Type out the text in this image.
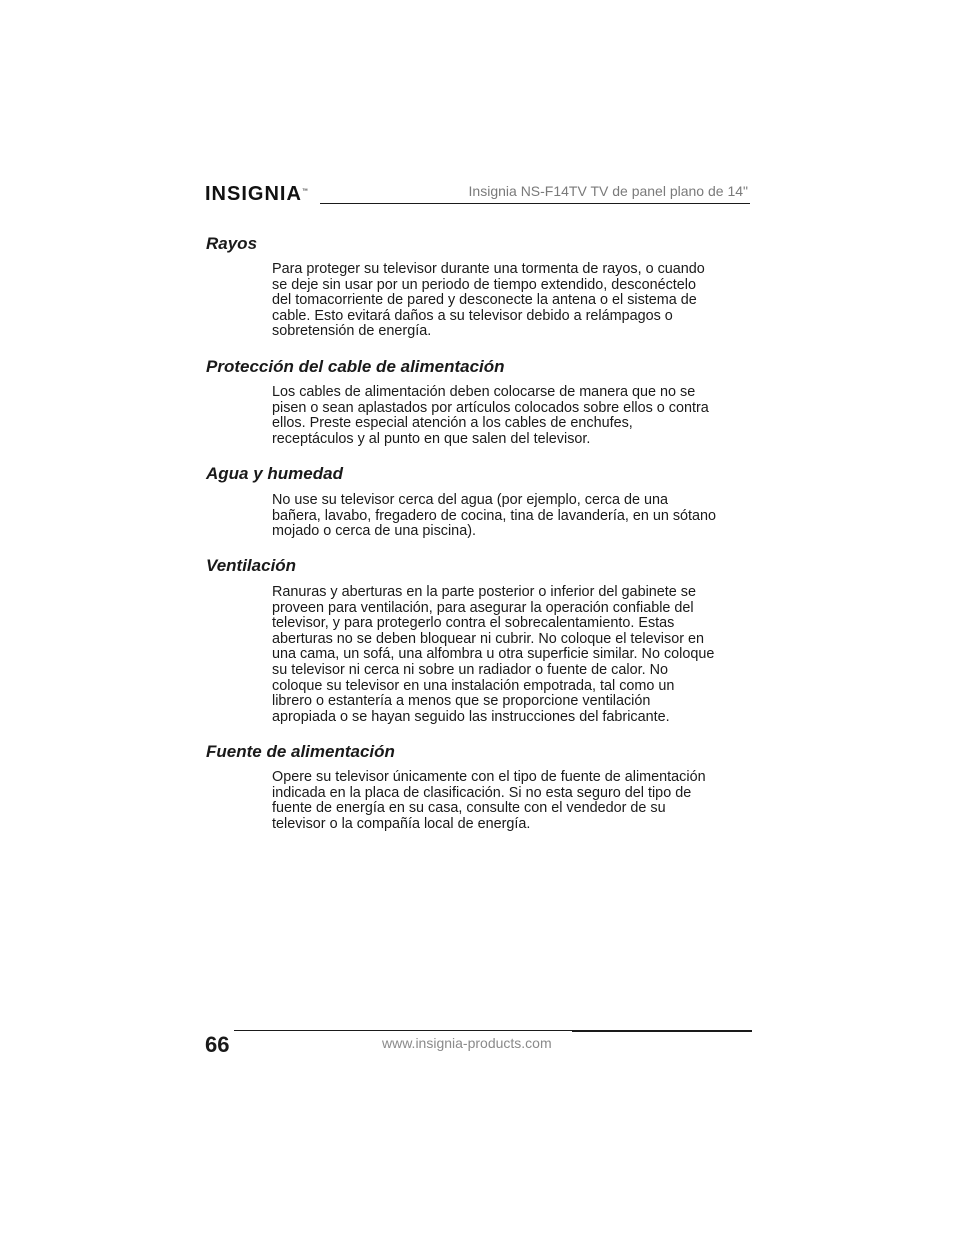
INSIGNIA™	Insignia NS-F14TV TV de panel plano de 14"
Rayos
Para proteger su televisor durante una tormenta de rayos, o cuando
se deje sin usar por un periodo de tiempo extendido, desconéctelo
del tomacorriente de pared y desconecte la antena o el sistema de
cable. Esto evitará daños a su televisor debido a relámpagos o
sobretensión de energía.
Protección del cable de alimentación
Los cables de alimentación deben colocarse de manera que no se
pisen o sean aplastados por artículos colocados sobre ellos o contra
ellos. Preste especial atención a los cables de enchufes,
receptáculos y al punto en que salen del televisor.
Agua y humedad
No use su televisor cerca del agua (por ejemplo, cerca de una
bañera, lavabo, fregadero de cocina, tina de lavandería, en un sótano
mojado o cerca de una piscina).
Ventilación
Ranuras y aberturas en la parte posterior o inferior del gabinete se
proveen para ventilación, para asegurar la operación confiable del
televisor, y para protegerlo contra el sobrecalentamiento. Estas
aberturas no se deben bloquear ni cubrir. No coloque el televisor en
una cama, un sofá, una alfombra u otra superficie similar. No coloque
su televisor ni cerca ni sobre un radiador o fuente de calor. No
coloque su televisor en una instalación empotrada, tal como un
librero o estantería a menos que se proporcione ventilación
apropiada o se hayan seguido las instrucciones del fabricante.
Fuente de alimentación
Opere su televisor únicamente con el tipo de fuente de alimentación
indicada en la placa de clasificación. Si no esta seguro del tipo de
fuente de energía en su casa, consulte con el vendedor de su
televisor o la compañía local de energía.
66	www.insignia-products.com
